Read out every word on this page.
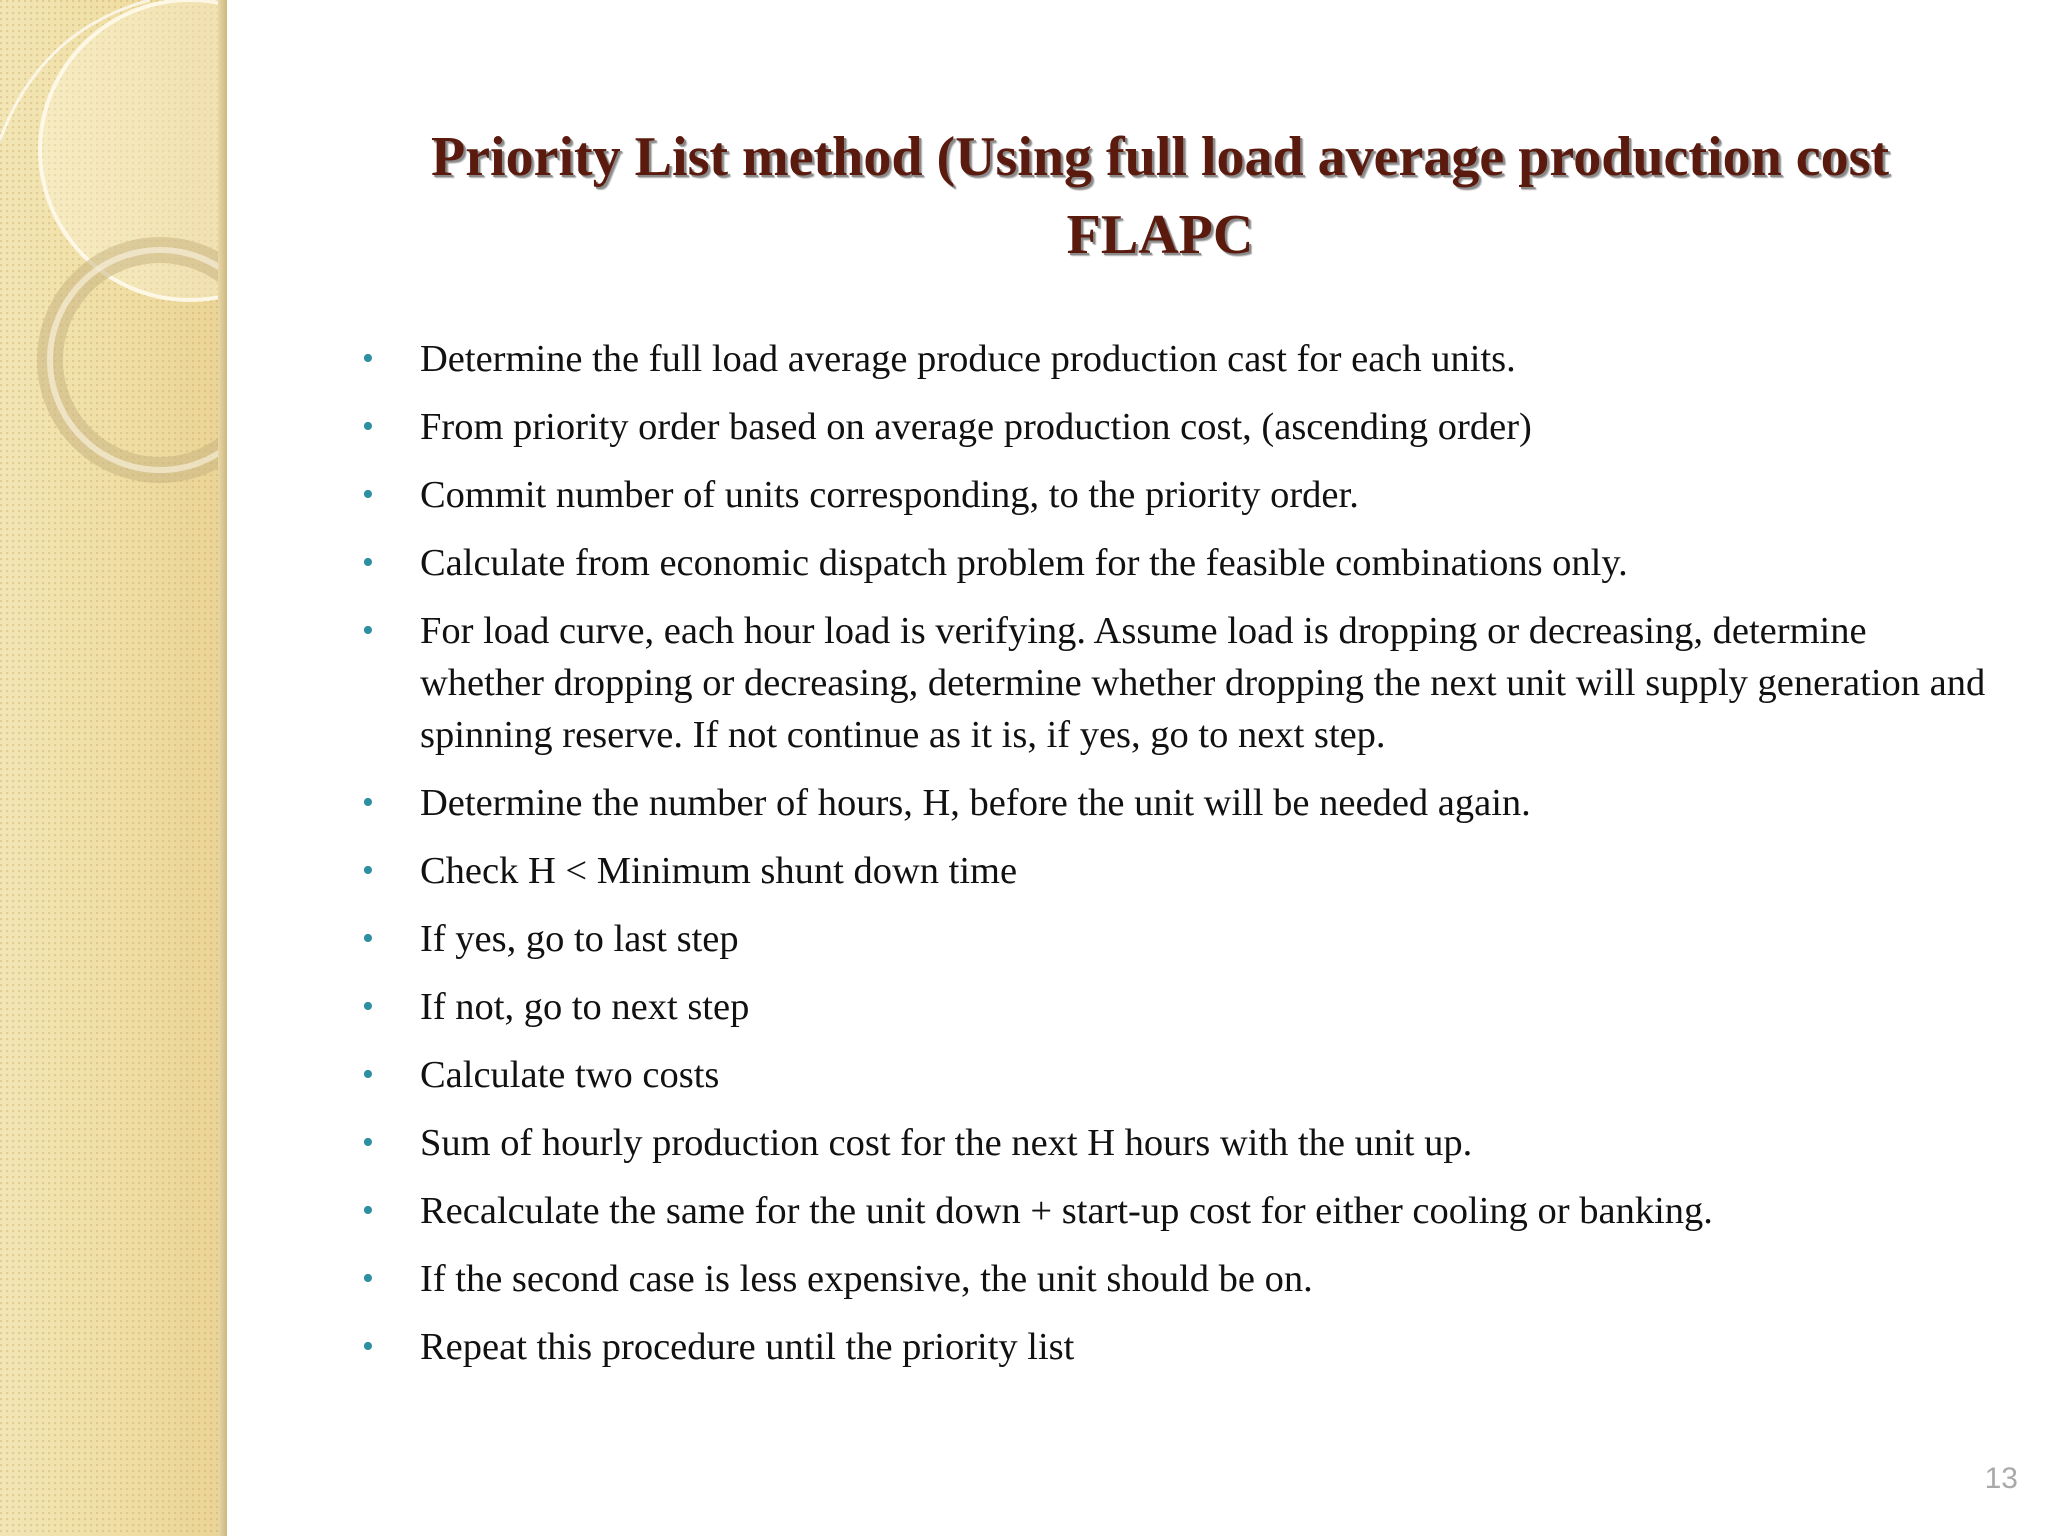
Priority List method (Using full load average production cost
FLAPC
• Determine the full load average produce production cast for each units.
• From priority order based on average production cost, (ascending order)
• Commit number of units corresponding, to the priority order.
• Calculate from economic dispatch problem for the feasible combinations only.
• For load curve, each hour load is verifying. Assume load is dropping or decreasing, determine whether dropping or decreasing, determine whether dropping the next unit will supply generation and spinning reserve. If not continue as it is, if yes, go to next step.
• Determine the number of hours, H, before the unit will be needed again.
• Check H < Minimum shunt down time
• If yes, go to last step
• If not, go to next step
• Calculate two costs
• Sum of hourly production cost for the next H hours with the unit up.
• Recalculate the same for the unit down + start-up cost for either cooling or banking.
• If the second case is less expensive, the unit should be on.
• Repeat this procedure until the priority list
13
